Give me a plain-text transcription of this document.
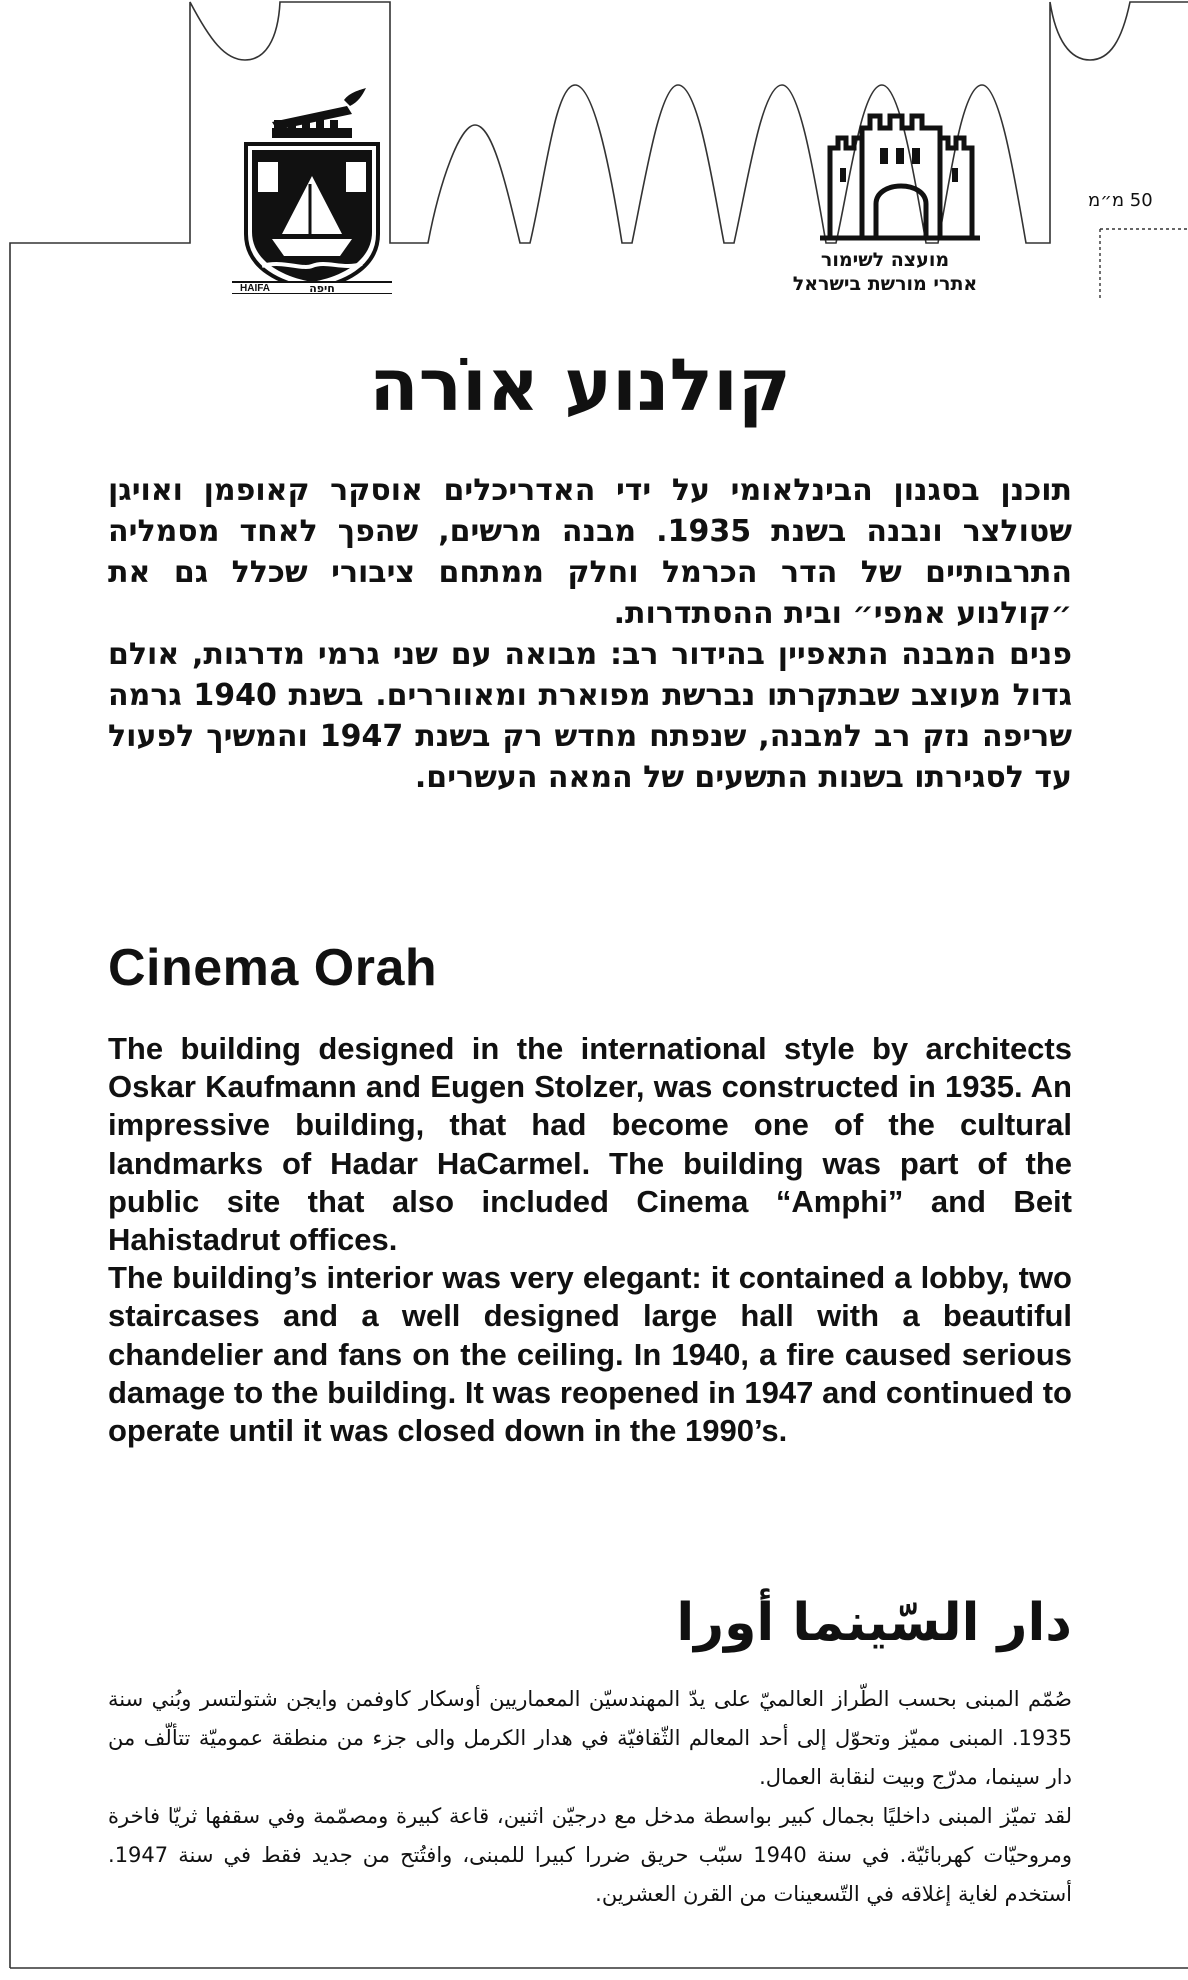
HAIFA	חיפה
מועצה לשימור
אתרי מורשת בישראל
50 מ״מ
קולנוע אוֹרה

תוכנן בסגנון הבינלאומי על ידי האדריכלים אוסקר קאופמן ואויגן שטולצר ונבנה בשנת 1935. מבנה מרשים, שהפך לאחד מסמליה התרבותיים של הדר הכרמל וחלק ממתחם ציבורי שכלל גם את ״קולנוע אמפי״ ובית ההסתדרות.

פנים המבנה התאפיין בהידור רב: מבואה עם שני גרמי מדרגות, אולם גדול מעוצב שבתקרתו נברשת מפוארת ומאווררים. בשנת 1940 גרמה שריפה נזק רב למבנה, שנפתח מחדש רק בשנת 1947 והמשיך לפעול עד לסגירתו בשנות התשעים של המאה העשרים.

Cinema Orah

The building designed in the international style by architects Oskar Kaufmann and Eugen Stolzer, was constructed in 1935. An impressive building, that had become one of the cultural landmarks of Hadar HaCarmel. The building was part of the public site that also included Cinema “Amphi” and Beit Hahistadrut offices.

The building’s interior was very elegant: it contained a lobby, two staircases and a well designed large hall with a beautiful chandelier and fans on the ceiling. In 1940, a fire caused serious damage to the building. It was reopened in 1947 and continued to operate until it was closed down in the 1990’s.

دار السّينما أورا

صُمّم المبنى بحسب الطّراز العالميّ على يدّ المهندسيّن المعماريين أوسكار كاوفمن وايجن شتولتسر وبُني سنة 1935. المبنى مميّز وتحوّل إلى أحد المعالم الثّقافيّة في هدار الكرمل والى جزء من منطقة عموميّة تتألّف من دار سينما، مدرّج وبيت لنقابة العمال.

لقد تميّز المبنى داخليًا بجمال كبير بواسطة مدخل مع درجيّن اثنين، قاعة كبيرة ومصمّمة وفي سقفها ثريّا فاخرة ومروحيّات كهربائيّة. في سنة 1940 سبّب حريق ضررا كبيرا للمبنى، وافتُتح من جديد فقط في سنة 1947. أستخدم لغاية إغلاقه في التّسعينات من القرن العشرين.
